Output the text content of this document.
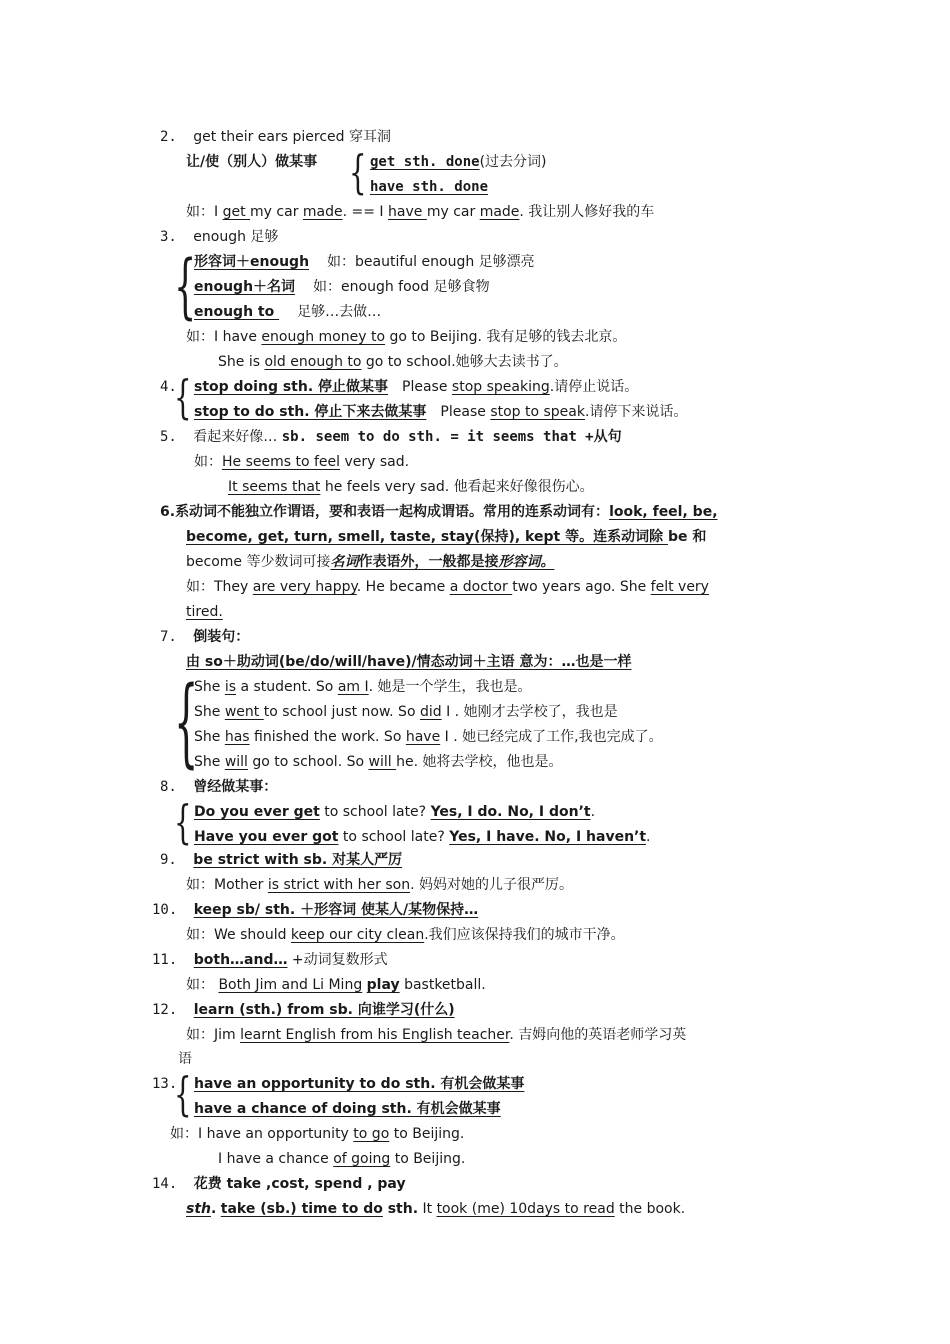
2. get their ears pierced 穿耳洞
让/使（别人）做某事 { get sth. done(过去分词)
have sth. done
如：I get my car made. == I have my car made. 我让别人修好我的车
3. enough 足够
{
形容词＋enough 如：beautiful enough 足够漂亮
enough＋名词 如：enough food 足够食物
enough to 足够…去做…
如：I have enough money to go to Beijing. 我有足够的钱去北京。
She is old enough to go to school.她够大去读书了。
4.
{ stop doing sth. 停止做某事 Please stop speaking.请停止说话。
stop to do sth. 停止下来去做某事 Please stop to speak.请停下来说话。
5. 看起来好像… sb. seem to do sth. = it seems that +从句
如：He seems to feel very sad.
It seems that he feels very sad. 他看起来好像很伤心。
6.系动词不能独立作谓语，要和表语一起构成谓语。常用的连系动词有：look, feel, be,
become, get, turn, smell, taste, stay(保持), kept 等。连系动词除 be 和
become 等少数词可接名词作表语外，一般都是接形容词。
如：They are very happy. He became a doctor two years ago. She felt very
tired.
7. 倒装句：
由 so＋助动词(be/do/will/have)/情态动词＋主语 意为：…也是一样
{
She is a student. So am I. 她是一个学生，我也是。
She went to school just now. So did I . 她刚才去学校了，我也是
She has finished the work. So have I . 她已经完成了工作,我也完成了。
She will go to school. So will he. 她将去学校，他也是。
8. 曾经做某事：
{ Do you ever get to school late? Yes, I do. No, I don’t.
Have you ever got to school late? Yes, I have. No, I haven’t.
9. be strict with sb. 对某人严厉
如：Mother is strict with her son. 妈妈对她的儿子很严厉。
10. keep sb/ sth. ＋形容词 使某人/某物保持…
如：We should keep our city clean.我们应该保持我们的城市干净。
11. both…and… +动词复数形式
如： Both Jim and Li Ming play bastketball.
12. learn (sth.) from sb. 向谁学习(什么)
如：Jim learnt English from his English teacher. 吉姆向他的英语老师学习英
语
13.
{ have an opportunity to do sth. 有机会做某事
have a chance of doing sth. 有机会做某事
如：I have an opportunity to go to Beijing.
I have a chance of going to Beijing.
14. 花费 take ,cost, spend , pay
sth. take (sb.) time to do sth. It took (me) 10days to read the book.
